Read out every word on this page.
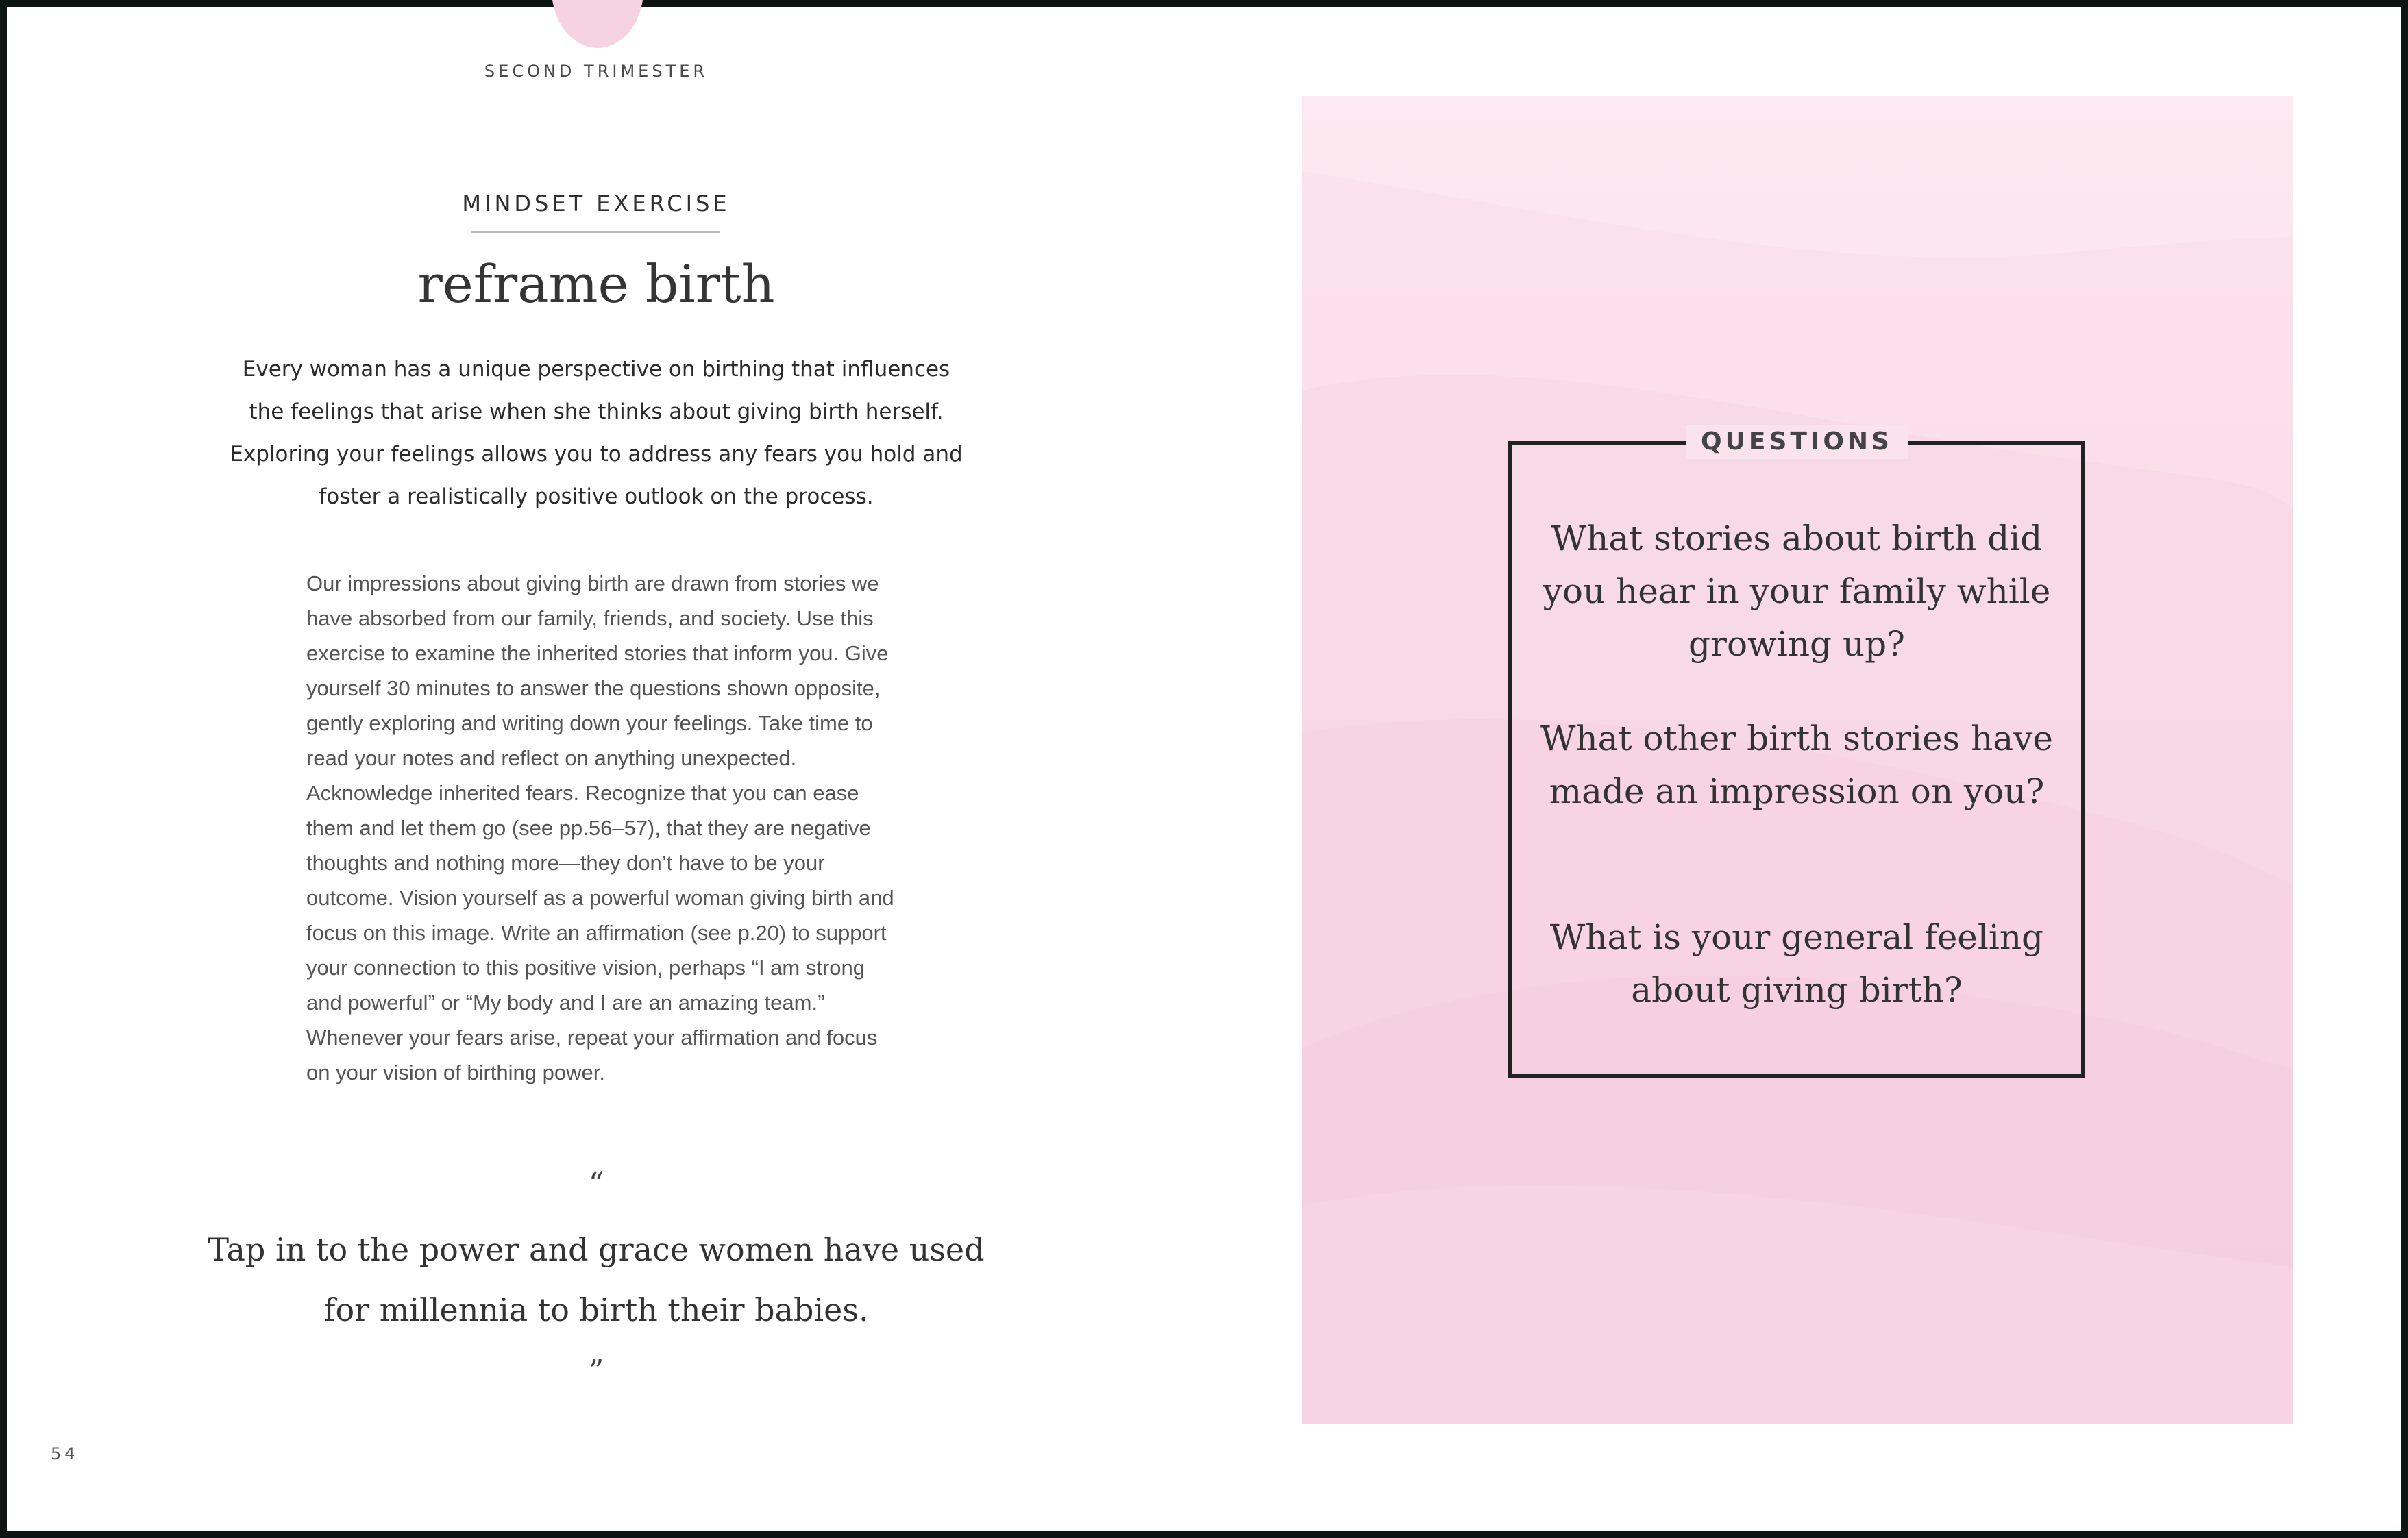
SECOND TRIMESTER
MINDSET EXERCISE
reframe birth

Every woman has a unique perspective on birthing that influences the feelings that arise when she thinks about giving birth herself. Exploring your feelings allows you to address any fears you hold and foster a realistically positive outlook on the process.

Our impressions about giving birth are drawn from stories we have absorbed from our family, friends, and society. Use this exercise to examine the inherited stories that inform you. Give yourself 30 minutes to answer the questions shown opposite, gently exploring and writing down your feelings. Take time to read your notes and reflect on anything unexpected. Acknowledge inherited fears. Recognize that you can ease them and let them go (see pp.56–57), that they are negative thoughts and nothing more—they don’t have to be your outcome. Vision yourself as a powerful woman giving birth and focus on this image. Write an affirmation (see p.20) to support your connection to this positive vision, perhaps “I am strong and powerful” or “My body and I are an amazing team.” Whenever your fears arise, repeat your affirmation and focus on your vision of birthing power.

“

Tap in to the power and grace women have used for millennia to birth their babies.

”
54
QUESTIONS

What stories about birth did you hear in your family while growing up?

What other birth stories have made an impression on you?

What is your general feeling about giving birth?
